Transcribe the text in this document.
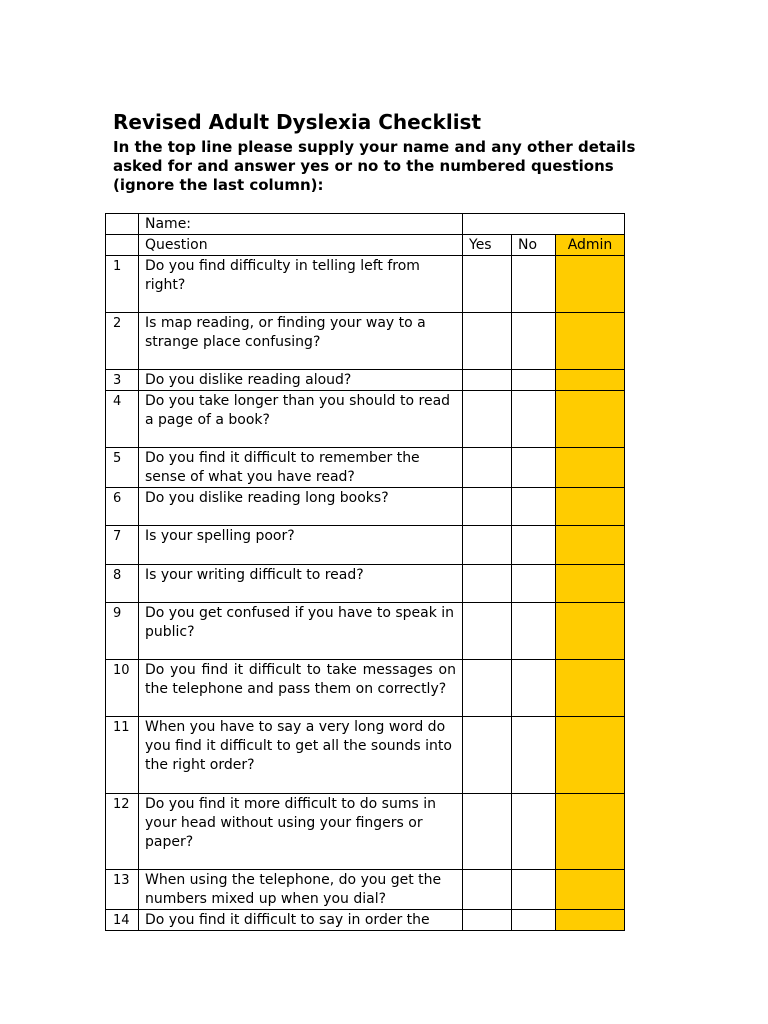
Revised Adult Dyslexia Checklist

In the top line please supply your name and any other details asked for and answer yes or no to the numbered questions (ignore the last column):

	Name:			
	Question	Yes	No	Admin
1	Do you find difficulty in telling left from right?			
2	Is map reading, or finding your way to a strange place confusing?			
3	Do you dislike reading aloud?			
4	Do you take longer than you should to read a page of a book?			
5	Do you find it difficult to remember the sense of what you have read?			
6	Do you dislike reading long books?			
7	Is your spelling poor?			
8	Is your writing difficult to read?			
9	Do you get confused if you have to speak in public?			
10	Do you find it difficult to take messages on the telephone and pass them on correctly?			
11	When you have to say a very long word do you find it difficult to get all the sounds into the right order?			
12	Do you find it more difficult to do sums in your head without using your fingers or paper?			
13	When using the telephone, do you get the numbers mixed up when you dial?			
14	Do you find it difficult to say in order the			
